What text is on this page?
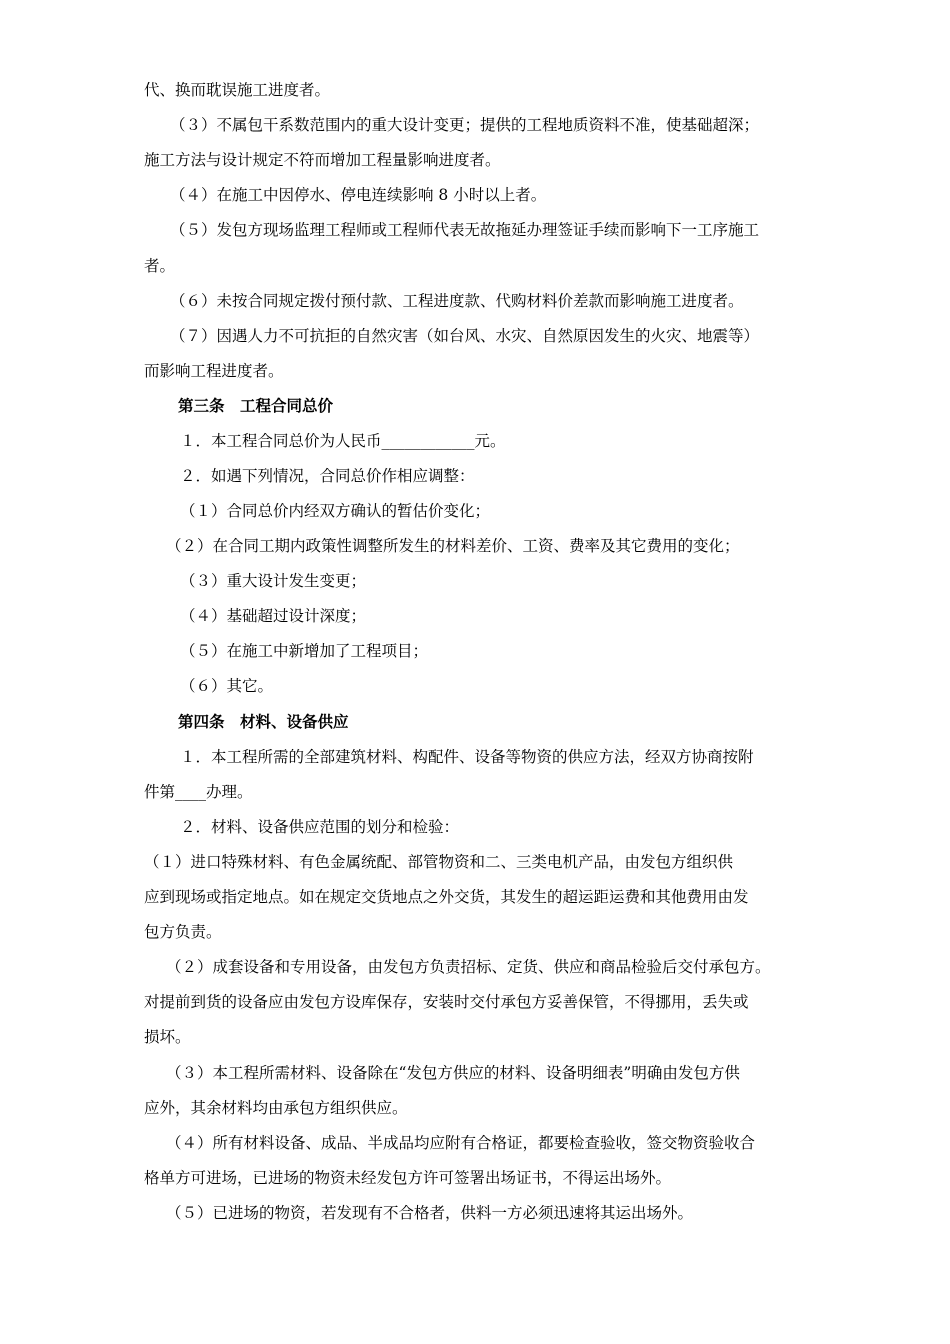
代、换而耽误施工进度者。
（３）不属包干系数范围内的重大设计变更；提供的工程地质资料不准，使基础超深；
施工方法与设计规定不符而增加工程量影响进度者。
（４）在施工中因停水、停电连续影响 8 小时以上者。
（５）发包方现场监理工程师或工程师代表无故拖延办理签证手续而影响下一工序施工
者。
（６）未按合同规定拨付预付款、工程进度款、代购材料价差款而影响施工进度者。
（７）因遇人力不可抗拒的自然灾害（如台风、水灾、自然原因发生的火灾、地震等）
而影响工程进度者。
第三条　工程合同总价
１．本工程合同总价为人民币____________元。
２．如遇下列情况，合同总价作相应调整：
（１）合同总价内经双方确认的暂估价变化；
（２）在合同工期内政策性调整所发生的材料差价、工资、费率及其它费用的变化；
（３）重大设计发生变更；
（４）基础超过设计深度；
（５）在施工中新增加了工程项目；
（６）其它。
第四条　材料、设备供应
１．本工程所需的全部建筑材料、构配件、设备等物资的供应方法，经双方协商按附
件第____办理。
２．材料、设备供应范围的划分和检验：
（１）进口特殊材料、有色金属统配、部管物资和二、三类电机产品，由发包方组织供
应到现场或指定地点。如在规定交货地点之外交货，其发生的超运距运费和其他费用由发
包方负责。
（２）成套设备和专用设备，由发包方负责招标、定货、供应和商品检验后交付承包方。
对提前到货的设备应由发包方设库保存，安装时交付承包方妥善保管，不得挪用，丢失或
损坏。
（３）本工程所需材料、设备除在“发包方供应的材料、设备明细表”明确由发包方供
应外，其余材料均由承包方组织供应。
（４）所有材料设备、成品、半成品均应附有合格证，都要检查验收，签交物资验收合
格单方可进场，已进场的物资未经发包方许可签署出场证书，不得运出场外。
（５）已进场的物资，若发现有不合格者，供料一方必须迅速将其运出场外。
